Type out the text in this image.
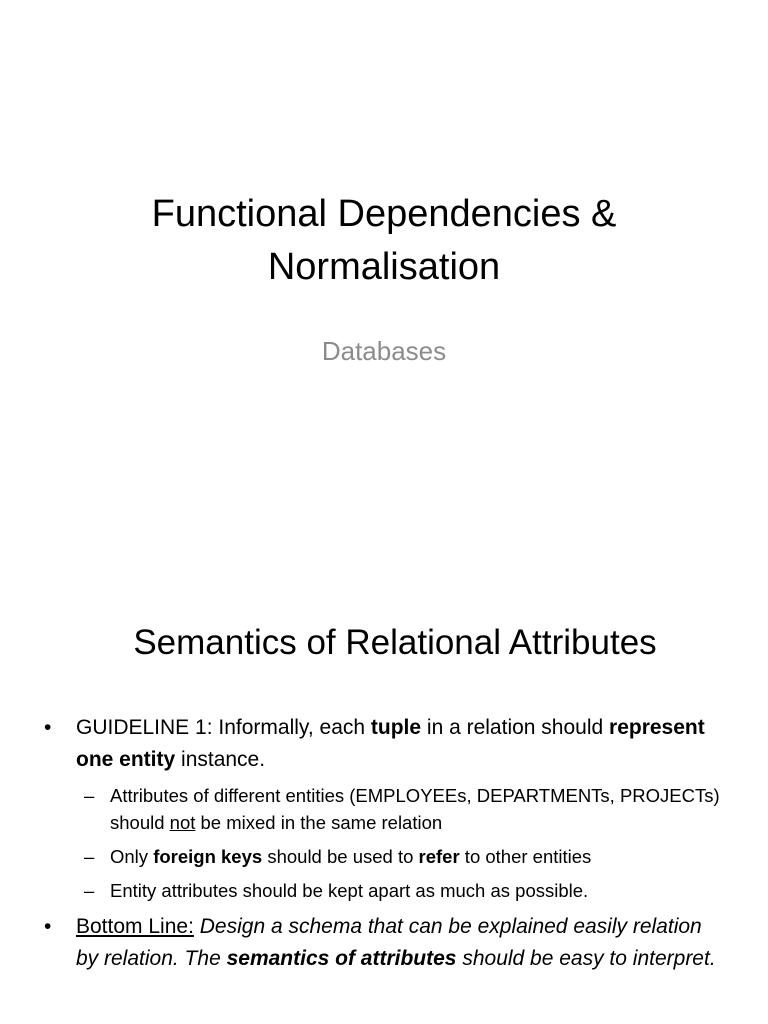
Functional Dependencies &
Normalisation
Databases
Semantics of Relational Attributes
• GUIDELINE 1: Informally, each tuple in a relation should represent one entity instance.
– Attributes of different entities (EMPLOYEEs, DEPARTMENTs, PROJECTs) should not be mixed in the same relation
– Only foreign keys should be used to refer to other entities
– Entity attributes should be kept apart as much as possible.
• Bottom Line: Design a schema that can be explained easily relation by relation. The semantics of attributes should be easy to interpret.
